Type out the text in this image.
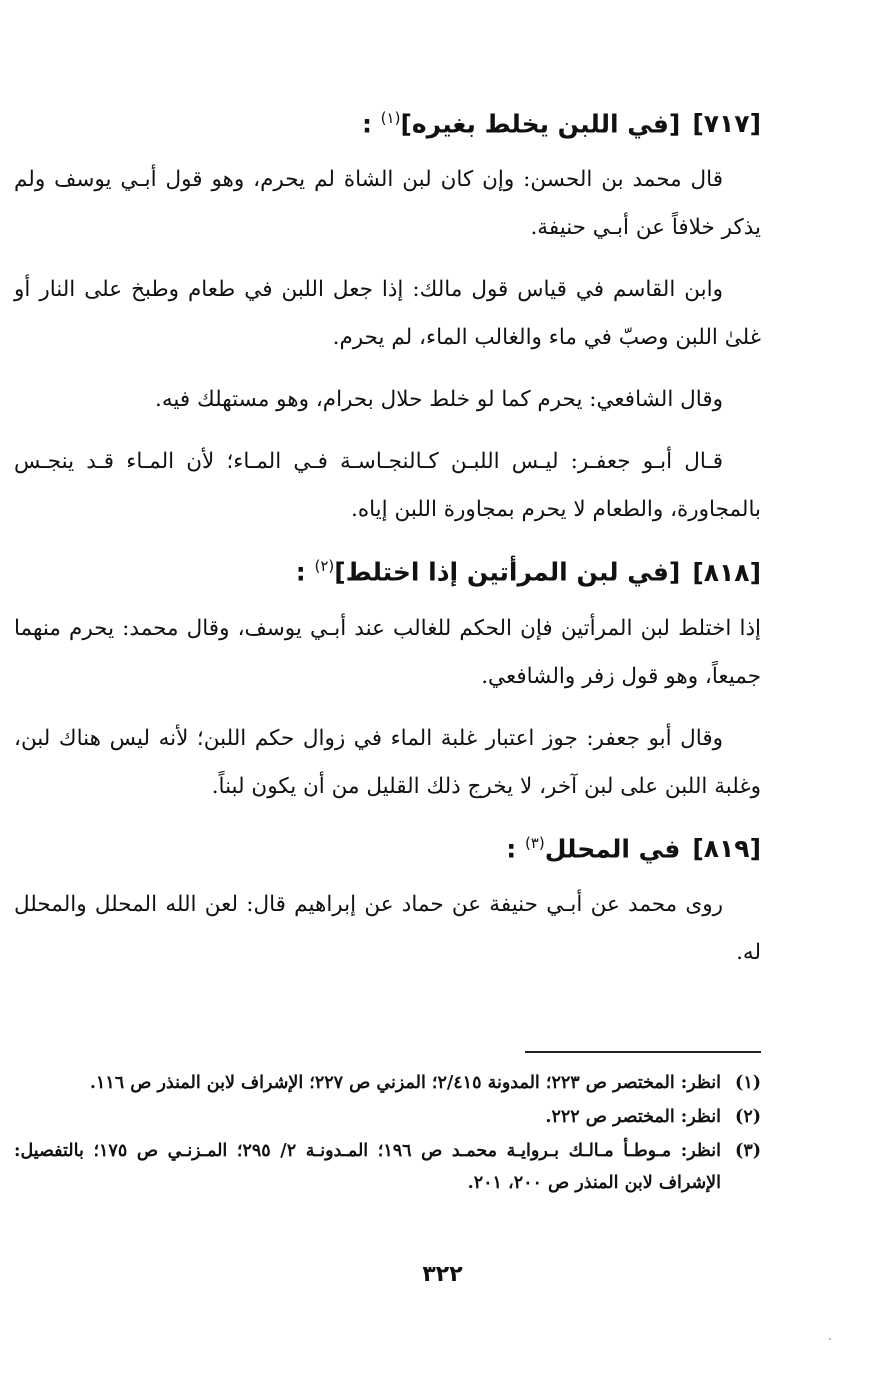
[٧١٧][في اللبن يخلط بغيره]$^{(١)}$ :

قال محمد بن الحسن: وإن كان لبن الشاة لم يحرم، وهو قول أبـي يوسف ولم يذكر خلافاً عن أبـي حنيفة.

وابن القاسم في قياس قول مالك: إذا جعل اللبن في طعام وطبخ على النار أو غلىٰ اللبن وصبّ في ماء والغالب الماء، لم يحرم.

وقال الشافعي: يحرم كما لو خلط حلال بحرام، وهو مستهلك فيه.

قـال أبـو جعفـر: ليـس اللبـن كـالنجـاسـة فـي المـاء؛ لأن المـاء قـد ينجـس بالمجاورة، والطعام لا يحرم بمجاورة اللبن إياه.

[٨١٨][في لبن المرأتين إذا اختلط]$^{(٢)}$ :

إذا اختلط لبن المرأتين فإن الحكم للغالب عند أبـي يوسف، وقال محمد: يحرم منهما جميعاً، وهو قول زفر والشافعي.

وقال أبو جعفر: جوز اعتبار غلبة الماء في زوال حكم اللبن؛ لأنه ليس هناك لبن، وغلبة اللبن على لبن آخر، لا يخرج ذلك القليل من أن يكون لبناً.

[٨١٩]في المحلل$^{(٣)}$ :

روى محمد عن أبـي حنيفة عن حماد عن إبراهيم قال: لعن الله المحلل والمحلل له.

(١)
انظر: المختصر ص ٢٢٣؛ المدونة ٢/٤١٥؛ المزني ص ٢٢٧؛ الإشراف لابن المنذر ص ١١٦.
(٢)
انظر: المختصر ص ٢٢٢.
(٣)
انظر: مـوطـأ مـالـك بـروايـة محمـد ص ١٩٦؛ المـدونـة ٢/ ٢٩٥؛ المـزنـي ص ١٧٥؛ بالتفصيل: الإشراف لابن المنذر ص ٢٠٠، ٢٠١.
٣٢٢
